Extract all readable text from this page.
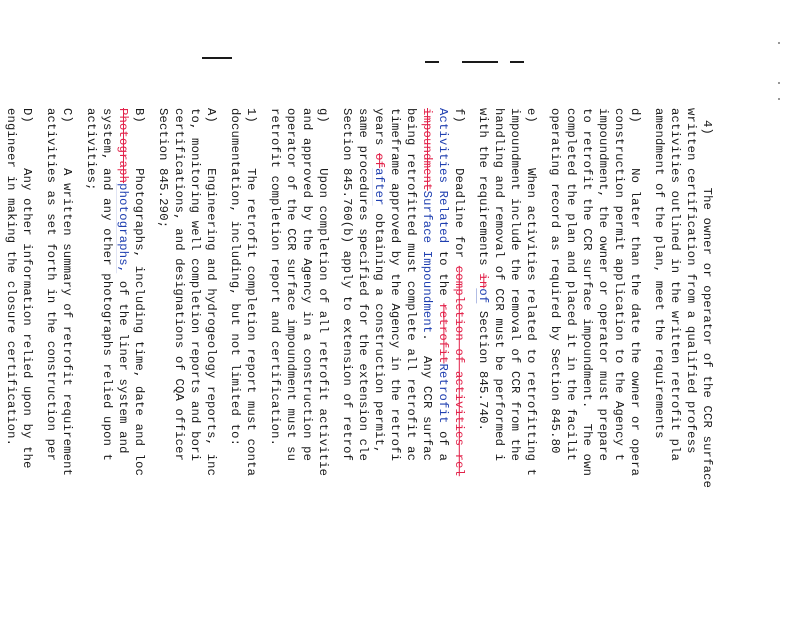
4)       The owner or operator of the CCR surface
written certification from a qualified profess
activities outlined in the written retrofit pla
amendment of the plan, meet the requirements
d)      No later than the date the owner or opera
construction permit application to the Agency t
impoundment, the owner or operator must prepare
to retrofit the CCR surface impoundment.  The own
completed the plan and placed it in the facilit
operating record as required by Section 845.80
e)      When activities related to retrofitting t
impoundment include the removal of CCR from the
handling and removal of CCR must be performed i
with the requirements inof Section 845.740.
f)      Deadline for completion of activities rel
Activities Related to the retrofitRetrofit of a
impoundmentSurface Impoundment.  Any CCR surfac
being retrofitted must complete all retrofit ac
timeframe approved by the Agency in the retrofi
years ofafter obtaining a construction permit,
same procedures specified for the extension cle
Section 845.760(b) apply to extension of retrof
g)      Upon completion of all retrofit activitie
and approved by the Agency in a construction pe
operator of the CCR surface impoundment must su
retrofit completion report and certification.
1)      The retrofit completion report must conta
documentation, including, but not limited to:
A)      Engineering and hydrogeology reports, inc
to, monitoring well completion reports and bori
certifications, and designations of CQA officer
Section 845.290;
B)      Photographs, including time, date and loc
Photographphotographs, of the liner system and
system, and any other photographs relied upon t
activities;
C)      A written summary of retrofit requirement
activities as set forth in the construction per
D)      Any other information relied upon by the
engineer in making the closure certification.
